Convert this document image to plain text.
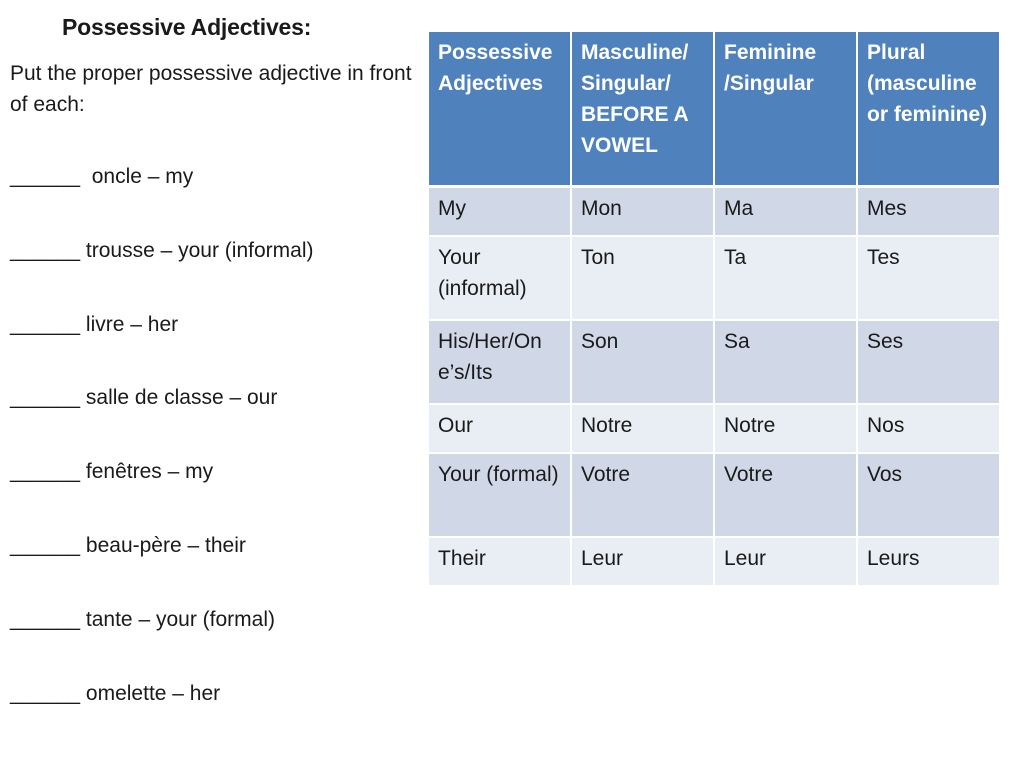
Possessive Adjectives:
Put the proper possessive adjective in front of each:
______  oncle – my
______ trousse – your (informal)
______ livre – her
______ salle de classe – our
______ fenêtres – my
______ beau-père – their
______ tante – your (formal)
______ omelette – her
Possessive Adjectives	Masculine/ Singular/ BEFORE A VOWEL	Feminine /Singular	Plural (masculine or feminine)
My	Mon	Ma	Mes
Your (informal)	Ton	Ta	Tes
His/Her/One’s/Its	Son	Sa	Ses
Our	Notre	Notre	Nos
Your (formal)	Votre	Votre	Vos
Their	Leur	Leur	Leurs
